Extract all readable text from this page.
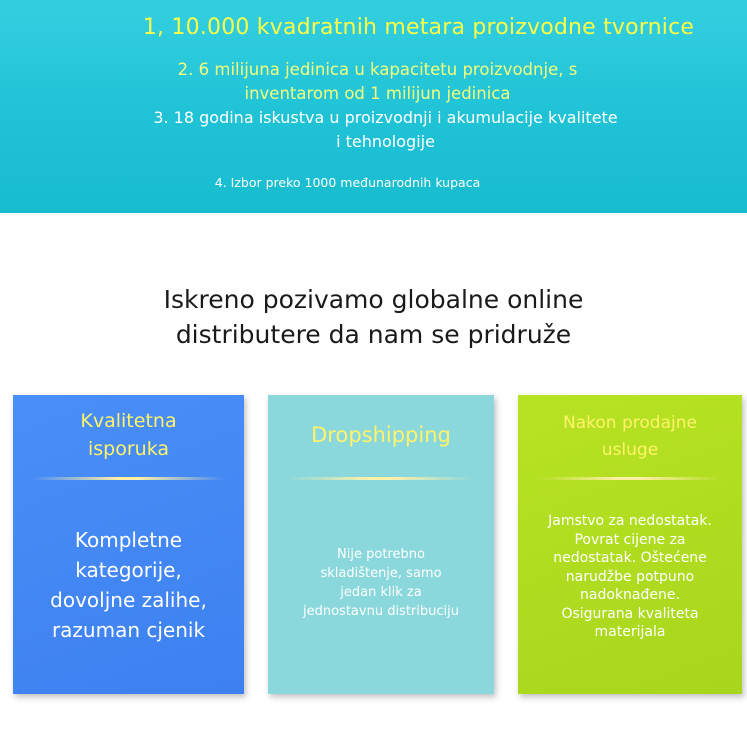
1, 10.000 kvadratnih metara proizvodne tvornice
2. 6 milijuna jedinica u kapacitetu proizvodnje, s
inventarom od 1 milijun jedinica
3. 18 godina iskustva u proizvodnji i akumulacije kvalitete
i tehnologije
4. Izbor preko 1000 međunarodnih kupaca
Iskreno pozivamo globalne online
distributere da nam se pridruže
Kvalitetna
isporuka
Kompletne
kategorije,
dovoljne zalihe,
razuman cjenik
Dropshipping
Nije potrebno
skladištenje, samo
jedan klik za
jednostavnu distribuciju
Nakon prodajne
usluge
Jamstvo za nedostatak.
Povrat cijene za
nedostatak. Oštećene
narudžbe potpuno
nadoknađene.
Osigurana kvaliteta
materijala
